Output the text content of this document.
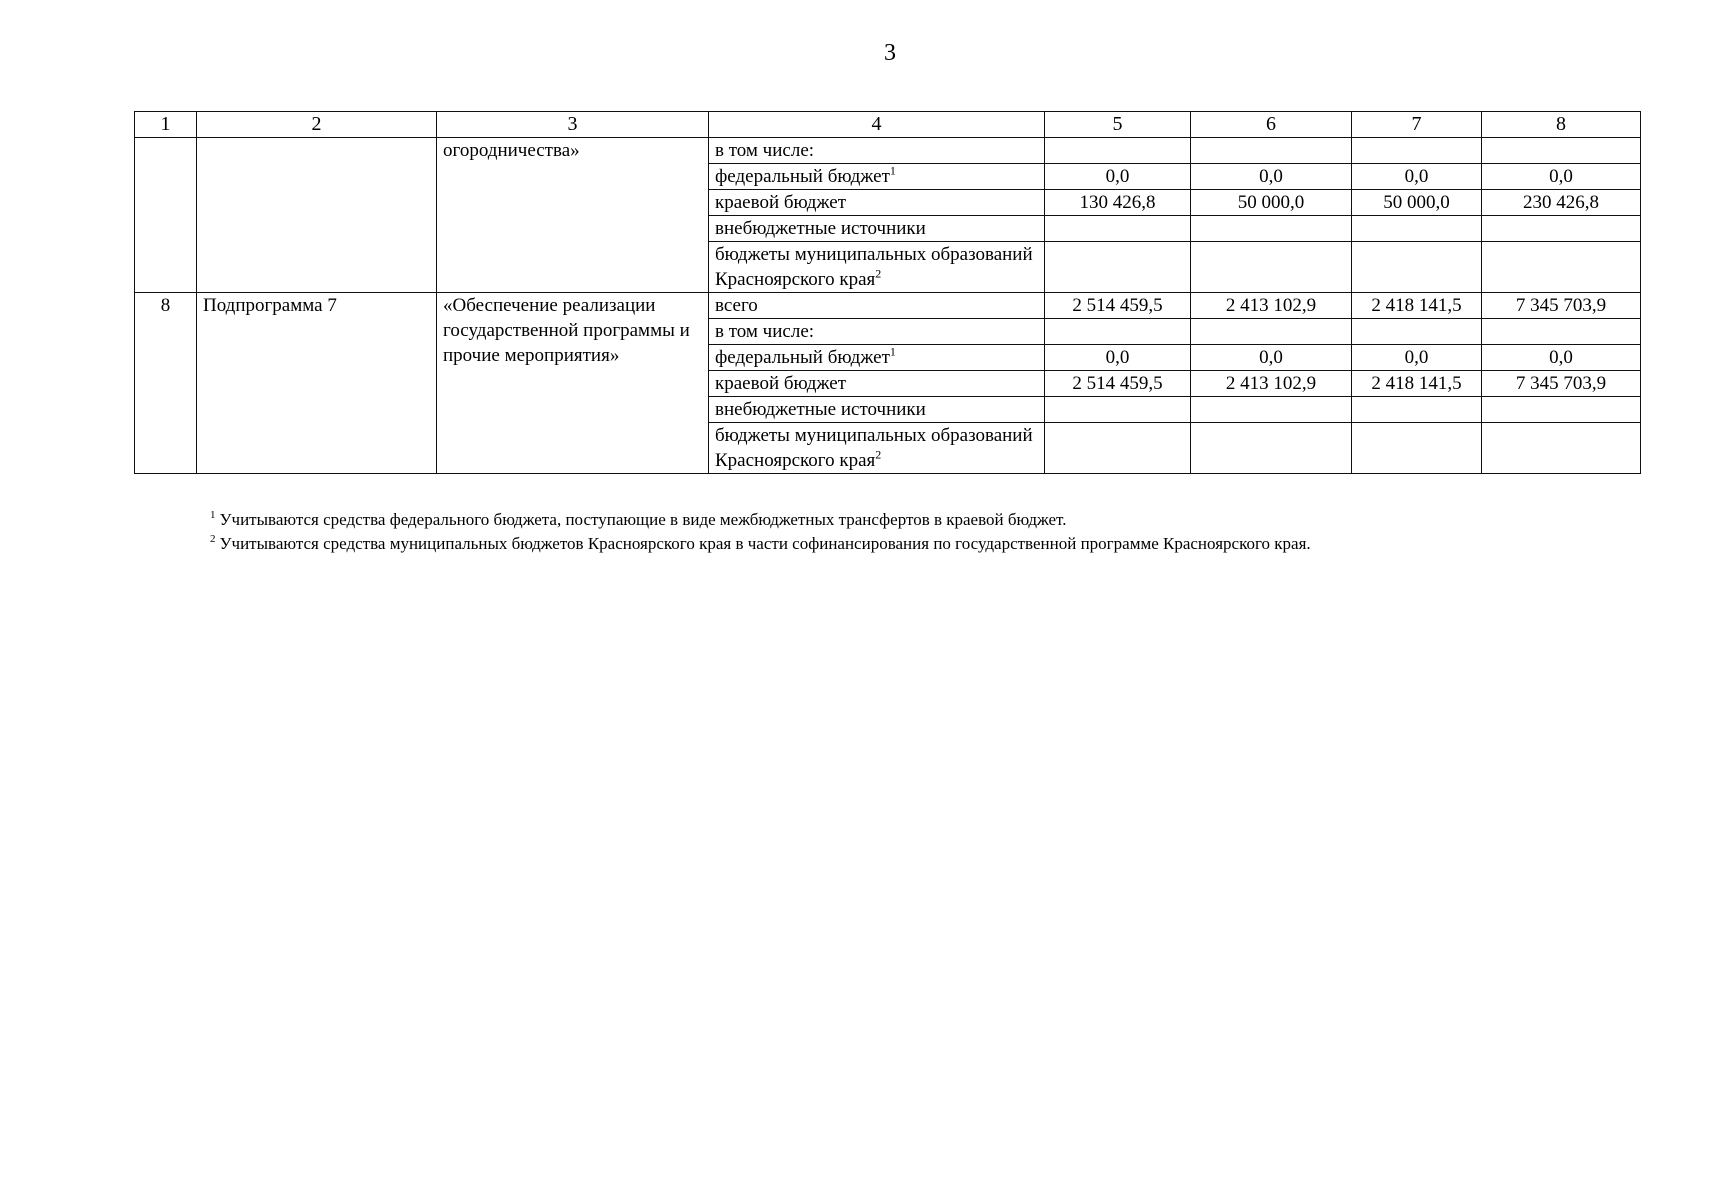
3
1	2	3	4	5	6	7	8
		огородничества»	в том числе:				
			федеральный бюджет$^1$	0,0	0,0	0,0	0,0
			краевой бюджет	130 426,8	50 000,0	50 000,0	230 426,8
			внебюджетные источники				
			бюджеты муниципальных образований Красноярского края$^2$				
8	Подпрограмма 7	«Обеспечение реализации государственной программы и прочие мероприятия»	всего	2 514 459,5	2 413 102,9	2 418 141,5	7 345 703,9
			в том числе:				
			федеральный бюджет$^1$	0,0	0,0	0,0	0,0
			краевой бюджет	2 514 459,5	2 413 102,9	2 418 141,5	7 345 703,9
			внебюджетные источники				
			бюджеты муниципальных образований Красноярского края$^2$				
$^1$ Учитываются средства федерального бюджета, поступающие в виде межбюджетных трансфертов в краевой бюджет.
$^2$ Учитываются средства муниципальных бюджетов Красноярского края в части софинансирования по государственной программе Красноярского края.
